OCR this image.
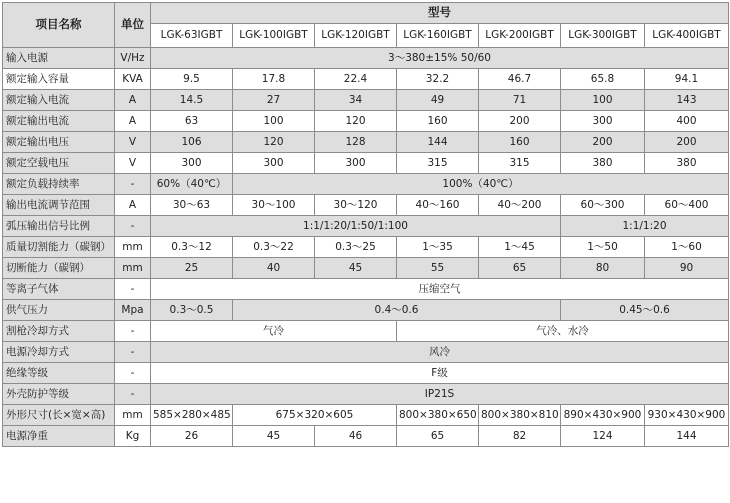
项目名称	单位	型号						
		LGK-63IGBT	LGK-100IGBT	LGK-120IGBT	LGK-160IGBT	LGK-200IGBT	LGK-300IGBT	LGK-400IGBT
输入电源	V/Hz	3～380±15% 50/60						
额定输入容量	KVA	9.5	17.8	22.4	32.2	46.7	65.8	94.1
额定输入电流	A	14.5	27	34	49	71	100	143
额定输出电流	A	63	100	120	160	200	300	400
额定输出电压	V	106	120	128	144	160	200	200
额定空载电压	V	300	300	300	315	315	380	380
额定负载持续率	-	60%（40℃）	100%（40℃）					
输出电流调节范围	A	30～63	30～100	30～120	40～160	40～200	60～300	60～400
弧压输出信号比例	-	1:1/1:20/1:50/1:100					1:1/1:20	
质量切割能力（碳钢）	mm	0.3～12	0.3～22	0.3～25	1～35	1～45	1～50	1～60
切断能力（碳钢）	mm	25	40	45	55	65	80	90
等离子气体	-	压缩空气						
供气压力	Mpa	0.3～0.5	0.4～0.6				0.45～0.6	
割枪冷却方式	-	气冷			气冷、水冷			
电源冷却方式	-	风冷						
绝缘等级	-	F级						
外壳防护等级	-	IP21S						
外形尺寸(长×宽×高)	mm	585×280×485	675×320×605		800×380×650	800×380×810	890×430×900	930×430×900
电源净重	Kg	26	45	46	65	82	124	144
